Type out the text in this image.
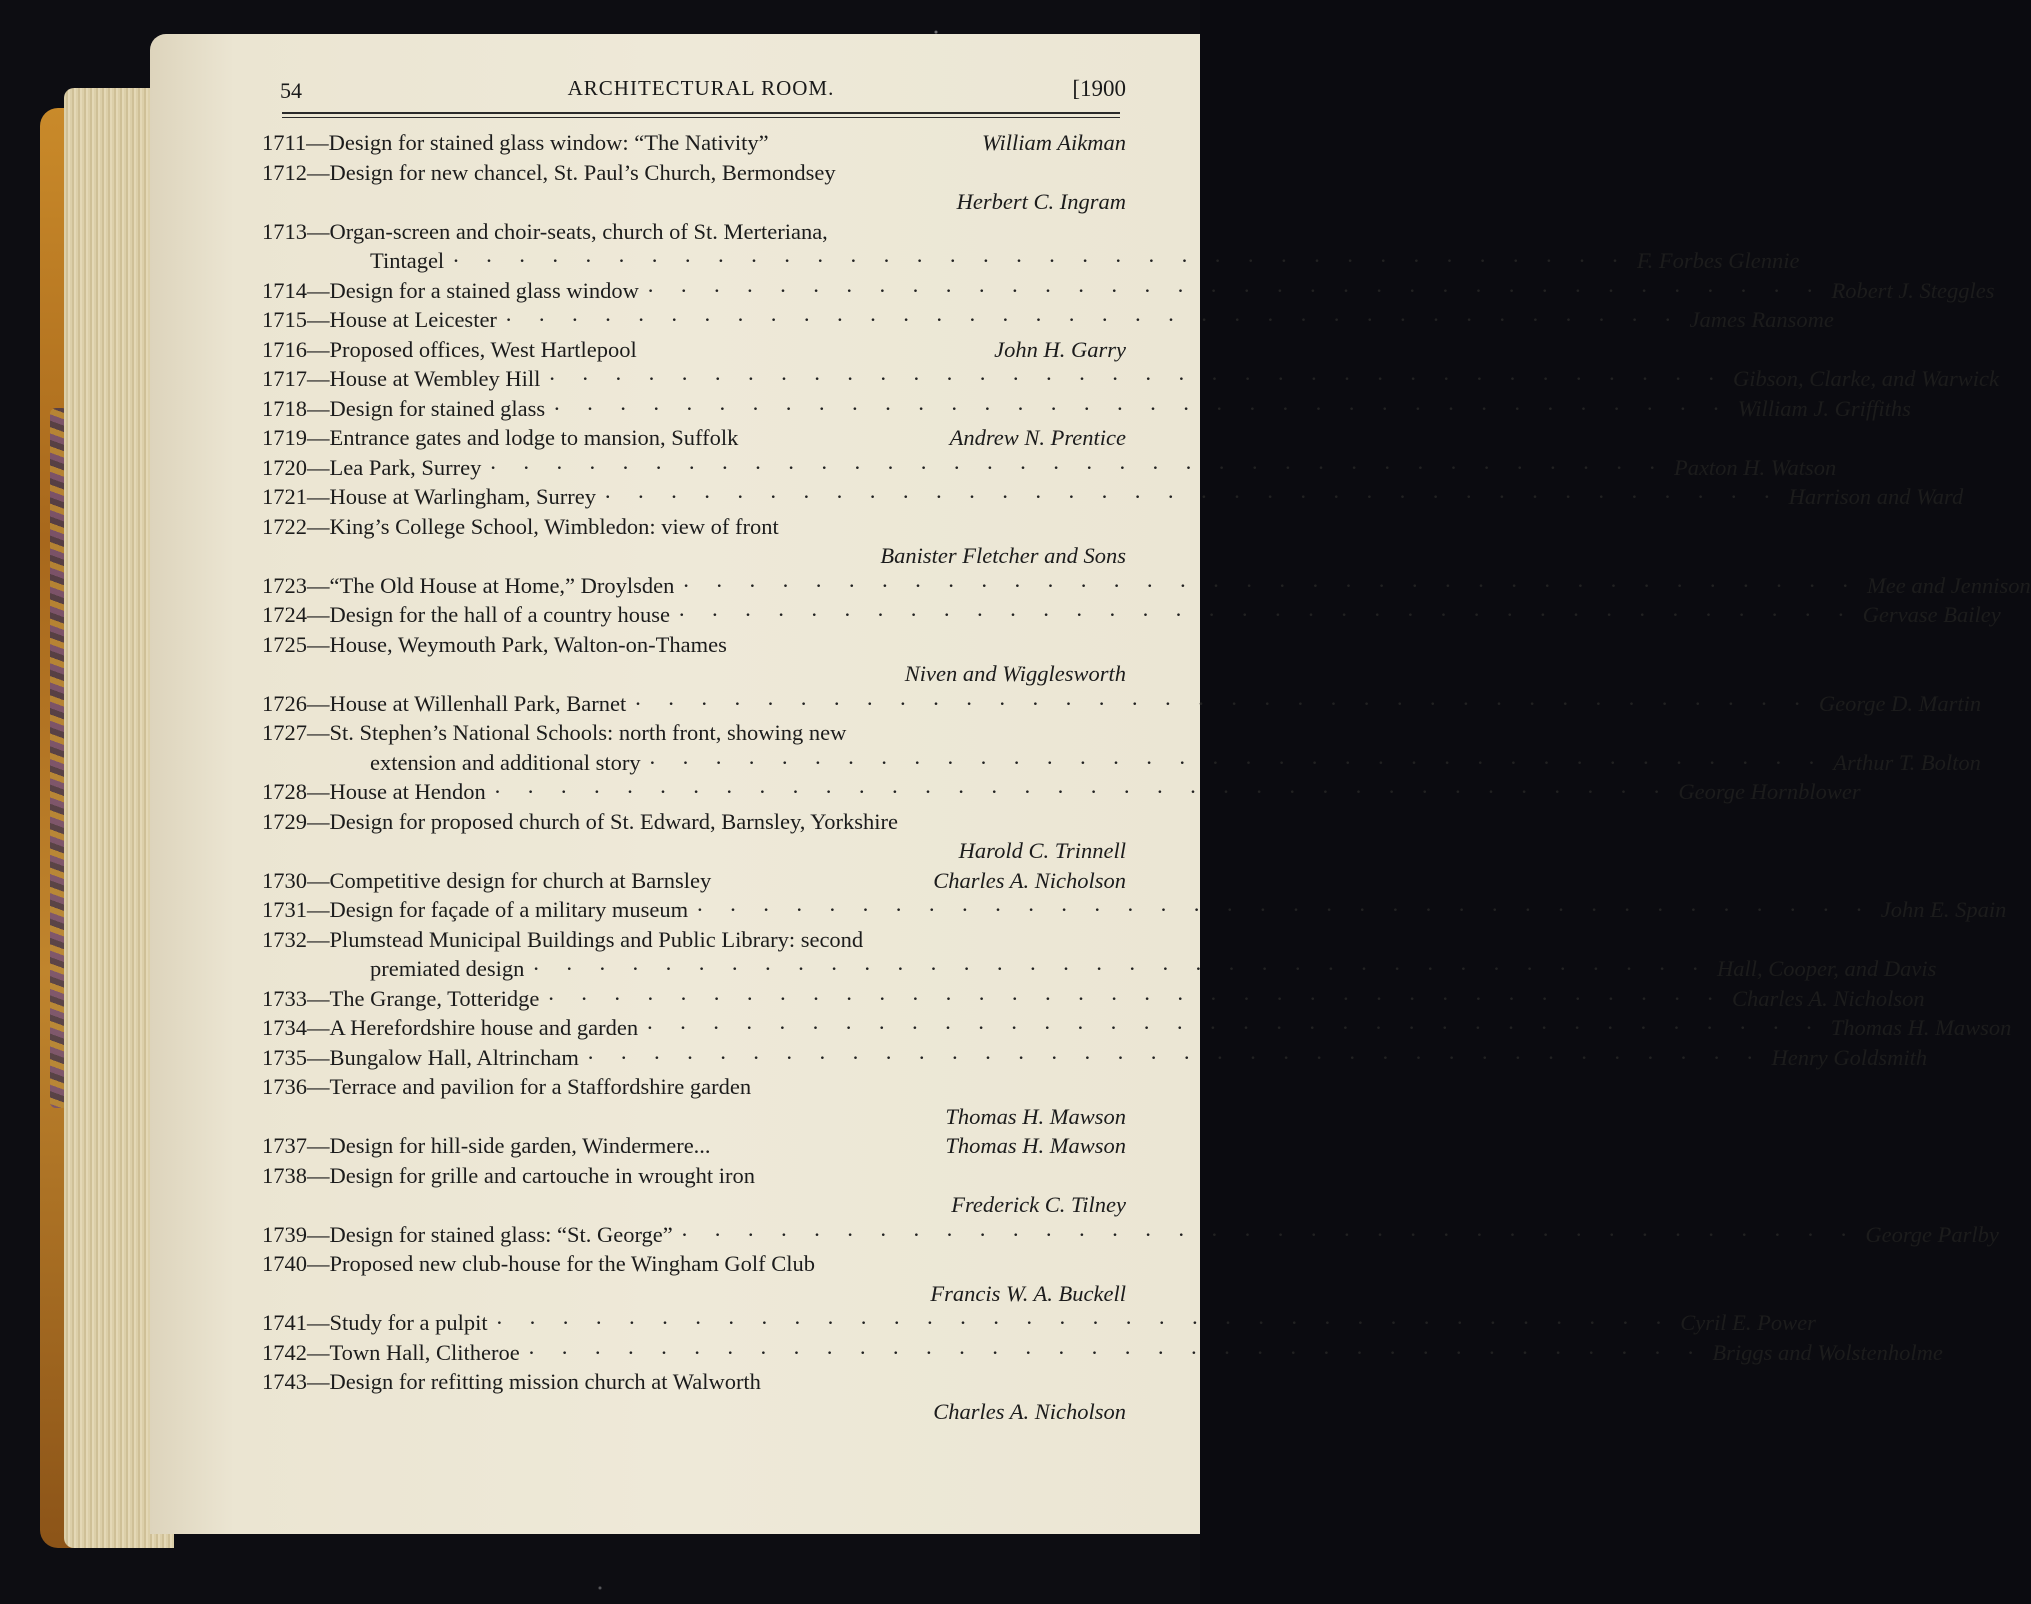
54	ARCHITECTURAL ROOM.	[1900
1711—Design for stained glass window: “The Nativity”	William Aikman
1712—Design for new chancel, St. Paul’s Church, Bermondsey
Herbert C. Ingram
1713—Organ-screen and choir-seats, church of St. Merteriana,
Tintagel · · · · · · · · · · · · · · · · · · · · · · · · · · · · · · · · · · · · F. Forbes Glennie
1714—Design for a stained glass window · · · · · · · · · · · · · · · · · · · · · · · · · · · · · · · · · · · · Robert J. Steggles
1715—House at Leicester · · · · · · · · · · · · · · · · · · · · · · · · · · · · · · · · · · · · James Ransome
1716—Proposed offices, West Hartlepool	John H. Garry
1717—House at Wembley Hill · · · · · · · · · · · · · · · · · · · · · · · · · · · · · · · · · · · · Gibson, Clarke, and Warwick
1718—Design for stained glass · · · · · · · · · · · · · · · · · · · · · · · · · · · · · · · · · · · · William J. Griffiths
1719—Entrance gates and lodge to mansion, Suffolk	Andrew N. Prentice
1720—Lea Park, Surrey · · · · · · · · · · · · · · · · · · · · · · · · · · · · · · · · · · · · Paxton H. Watson
1721—House at Warlingham, Surrey · · · · · · · · · · · · · · · · · · · · · · · · · · · · · · · · · · · · Harrison and Ward
1722—King’s College School, Wimbledon: view of front
Banister Fletcher and Sons
1723—“The Old House at Home,” Droylsden · · · · · · · · · · · · · · · · · · · · · · · · · · · · · · · · · · · · Mee and Jennison
1724—Design for the hall of a country house · · · · · · · · · · · · · · · · · · · · · · · · · · · · · · · · · · · · Gervase Bailey
1725—House, Weymouth Park, Walton-on-Thames
Niven and Wigglesworth
1726—House at Willenhall Park, Barnet · · · · · · · · · · · · · · · · · · · · · · · · · · · · · · · · · · · · George D. Martin
1727—St. Stephen’s National Schools: north front, showing new
extension and additional story · · · · · · · · · · · · · · · · · · · · · · · · · · · · · · · · · · · · Arthur T. Bolton
1728—House at Hendon · · · · · · · · · · · · · · · · · · · · · · · · · · · · · · · · · · · · George Hornblower
1729—Design for proposed church of St. Edward, Barnsley, Yorkshire
Harold C. Trinnell
1730—Competitive design for church at Barnsley	Charles A. Nicholson
1731—Design for façade of a military museum · · · · · · · · · · · · · · · · · · · · · · · · · · · · · · · · · · · · John E. Spain
1732—Plumstead Municipal Buildings and Public Library: second
premiated design · · · · · · · · · · · · · · · · · · · · · · · · · · · · · · · · · · · · Hall, Cooper, and Davis
1733—The Grange, Totteridge · · · · · · · · · · · · · · · · · · · · · · · · · · · · · · · · · · · · Charles A. Nicholson
1734—A Herefordshire house and garden · · · · · · · · · · · · · · · · · · · · · · · · · · · · · · · · · · · · Thomas H. Mawson
1735—Bungalow Hall, Altrincham · · · · · · · · · · · · · · · · · · · · · · · · · · · · · · · · · · · · Henry Goldsmith
1736—Terrace and pavilion for a Staffordshire garden
Thomas H. Mawson
1737—Design for hill-side garden, Windermere...	Thomas H. Mawson
1738—Design for grille and cartouche in wrought iron
Frederick C. Tilney
1739—Design for stained glass: “St. George” · · · · · · · · · · · · · · · · · · · · · · · · · · · · · · · · · · · · George Parlby
1740—Proposed new club-house for the Wingham Golf Club
Francis W. A. Buckell
1741—Study for a pulpit · · · · · · · · · · · · · · · · · · · · · · · · · · · · · · · · · · · · Cyril E. Power
1742—Town Hall, Clitheroe · · · · · · · · · · · · · · · · · · · · · · · · · · · · · · · · · · · · Briggs and Wolstenholme
1743—Design for refitting mission church at Walworth
Charles A. Nicholson
